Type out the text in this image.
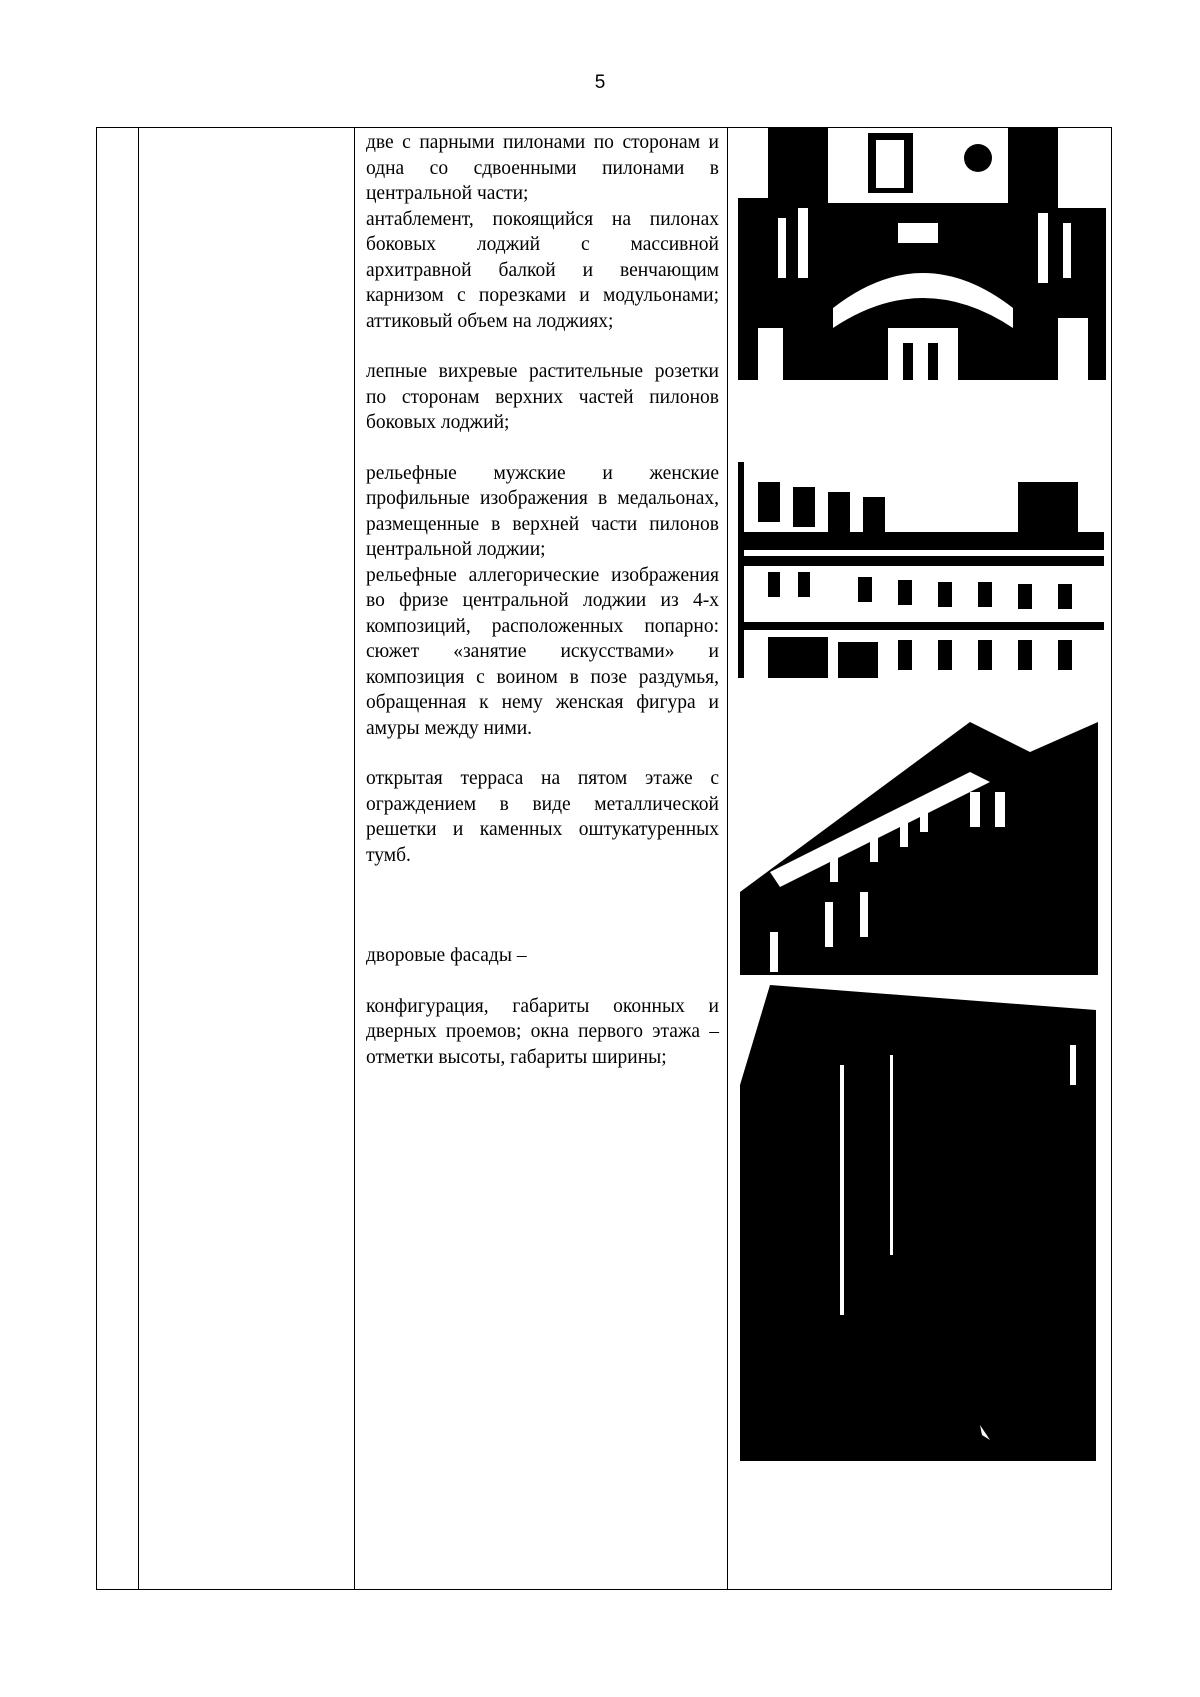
5

две с парными пилонами по сторонам и одна со сдвоенными пилонами в центральной части;

антаблемент, покоящийся на пилонах боковых лоджий с массивной архитравной балкой и венчающим карнизом с порезками и модульонами; аттиковый объем на лоджиях;

лепные вихревые растительные розетки по сторонам верхних частей пилонов боковых лоджий;

рельефные мужские и женские профильные изображения в медальонах, размещенные в верхней части пилонов центральной лоджии;

рельефные аллегорические изображения во фризе центральной лоджии из 4-х композиций, расположенных попарно: сюжет «занятие искусствами» и композиция с воином в позе раздумья, обращенная к нему женская фигура и амуры между ними.

открытая терраса на пятом этаже с ограждением в виде металлической решетки и каменных оштукатуренных тумб.

дворовые фасады –

конфигурация, габариты оконных и дверных проемов; окна первого этажа – отметки высоты, габариты ширины;
